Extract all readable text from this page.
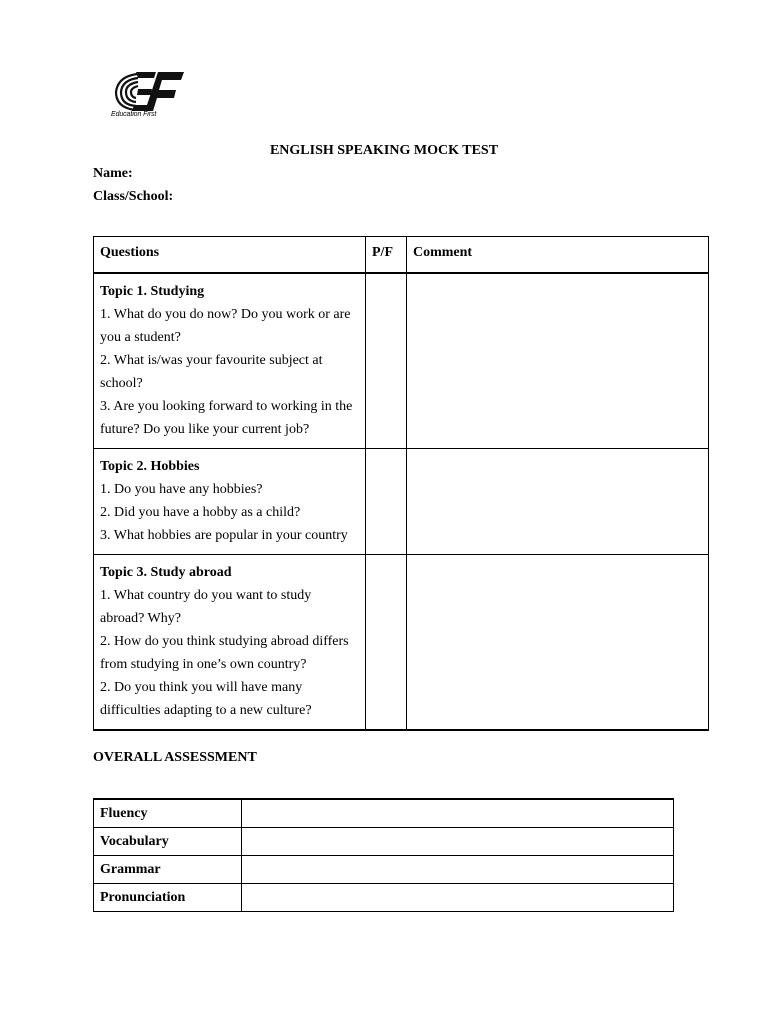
Education First
ENGLISH SPEAKING MOCK TEST
Name:
Class/School:
Questions	P/F	Comment

Topic 1. Studying
1. What do you do now? Do you work or are you a student?
2. What is/was your favourite subject at school?
3. Are you looking forward to working in the future? Do you like your current job?		

Topic 2. Hobbies
1. Do you have any hobbies?
2. Did you have a hobby as a child?
3. What hobbies are popular in your country		

Topic 3. Study abroad
1. What country do you want to study abroad? Why?
2. How do you think studying abroad differs from studying in one’s own country?
2. Do you think you will have many difficulties adapting to a new culture?		

OVERALL ASSESSMENT
Fluency	
Vocabulary	
Grammar	
Pronunciation	
